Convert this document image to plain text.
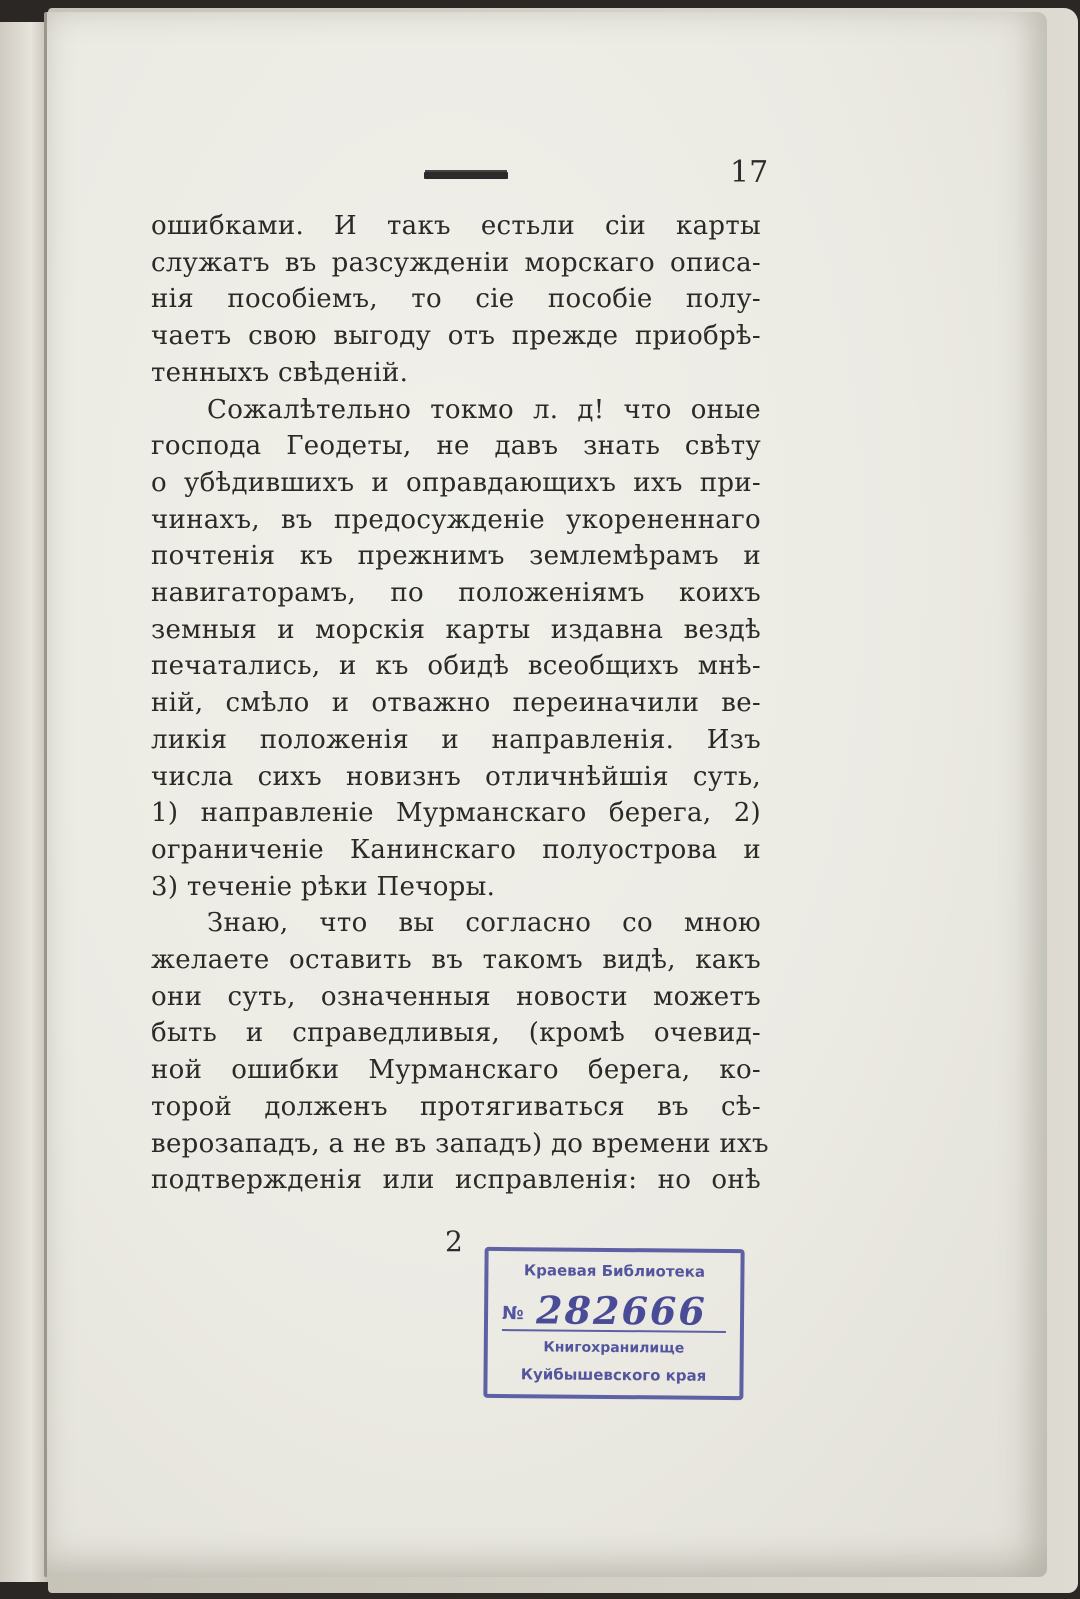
17
ошибками. И такъ естьли сіи карты
служатъ въ разсужденіи морскаго описа-
нія пособіемъ, то сіе пособіе полу-
чаетъ свою выгоду отъ прежде приобрѣ-
тенныхъ свѣденій.
Сожалѣтельно токмо л. д! что оныe
господа Геодеты, не давъ знать свѣту
о убѣдившихъ и оправдающихъ ихъ при-
чинахъ, въ предосужденіе укорененнаго
почтенія къ прежнимъ землемѣрамъ и
навигаторамъ, по положеніямъ коихъ
земныя и морскія карты издавна вездѣ
печатались, и къ обидѣ всеобщихъ мнѣ-
ній, смѣло и отважно переиначили ве-
ликія положенія и направленія. Изъ
числа сихъ новизнъ отличнѣйшія суть,
1) направленіе Мурманскаго берега, 2)
ограниченіе Канинскаго полуострова и
3) теченіе рѣки Печоры.
Знаю, что вы согласно со мною
желаете оставить въ такомъ видѣ, какъ
они суть, означенныя новости можетъ
быть и справедливыя, (кромѣ очевид-
ной ошибки Мурманскаго берега, ко-
торой долженъ протягиваться въ сѣ-
верозападъ, а не въ западъ) до времени ихъ
подтвержденія или исправленія: но онѣ
2
Краевая Библиотека
№ 282666
Книгохранилище
Куйбышевского края
